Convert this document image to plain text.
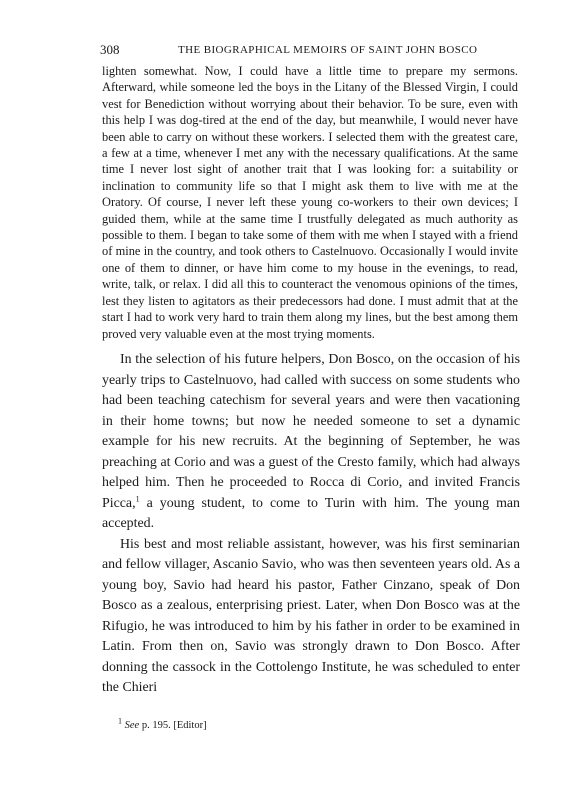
308	THE BIOGRAPHICAL MEMOIRS OF SAINT JOHN BOSCO
lighten somewhat. Now, I could have a little time to prepare my sermons. Afterward, while someone led the boys in the Litany of the Blessed Virgin, I could vest for Benediction without worrying about their behavior. To be sure, even with this help I was dog-tired at the end of the day, but meanwhile, I would never have been able to carry on without these workers. I selected them with the greatest care, a few at a time, whenever I met any with the necessary qualifications. At the same time I never lost sight of another trait that I was looking for: a suitability or inclination to community life so that I might ask them to live with me at the Oratory. Of course, I never left these young co-workers to their own devices; I guided them, while at the same time I trustfully delegated as much authority as possible to them. I began to take some of them with me when I stayed with a friend of mine in the country, and took others to Castelnuovo. Occasionally I would invite one of them to dinner, or have him come to my house in the evenings, to read, write, talk, or relax. I did all this to counteract the venomous opinions of the times, lest they listen to agitators as their predecessors had done. I must admit that at the start I had to work very hard to train them along my lines, but the best among them proved very valuable even at the most trying moments.

In the selection of his future helpers, Don Bosco, on the occasion of his yearly trips to Castelnuovo, had called with success on some students who had been teaching catechism for several years and were then vacationing in their home towns; but now he needed someone to set a dynamic example for his new recruits. At the beginning of September, he was preaching at Corio and was a guest of the Cresto family, which had always helped him. Then he proceeded to Rocca di Corio, and invited Francis Picca,$^1$ a young student, to come to Turin with him. The young man accepted.

His best and most reliable assistant, however, was his first seminarian and fellow villager, Ascanio Savio, who was then seventeen years old. As a young boy, Savio had heard his pastor, Father Cinzano, speak of Don Bosco as a zealous, enterprising priest. Later, when Don Bosco was at the Rifugio, he was introduced to him by his father in order to be examined in Latin. From then on, Savio was strongly drawn to Don Bosco. After donning the cassock in the Cottolengo Institute, he was scheduled to enter the Chieri

$^1$ See p. 195. [Editor]
